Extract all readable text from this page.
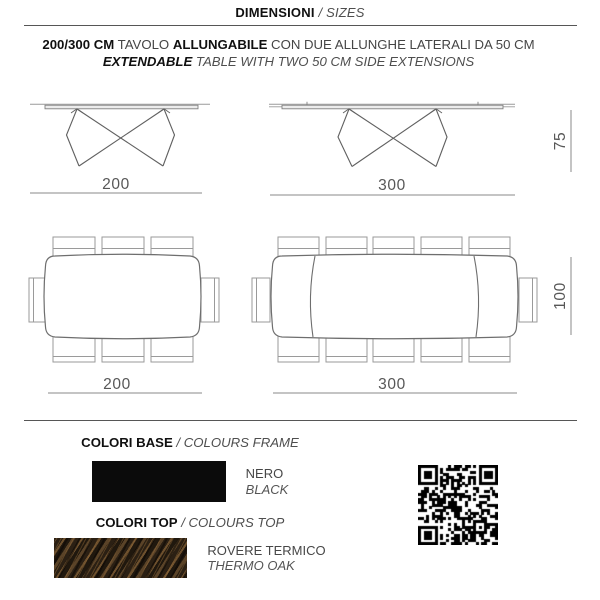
DIMENSIONI / SIZES
200/300 CM TAVOLO ALLUNGABILE CON DUE ALLUNGHE LATERALI DA 50 CM
EXTENDABLE TABLE WITH TWO 50 CM SIDE EXTENSIONS
200	300
75
200	300
100
COLORI BASE / COLOURS FRAME
NERO
BLACK
COLORI TOP / COLOURS TOP
ROVERE TERMICO
THERMO OAK
